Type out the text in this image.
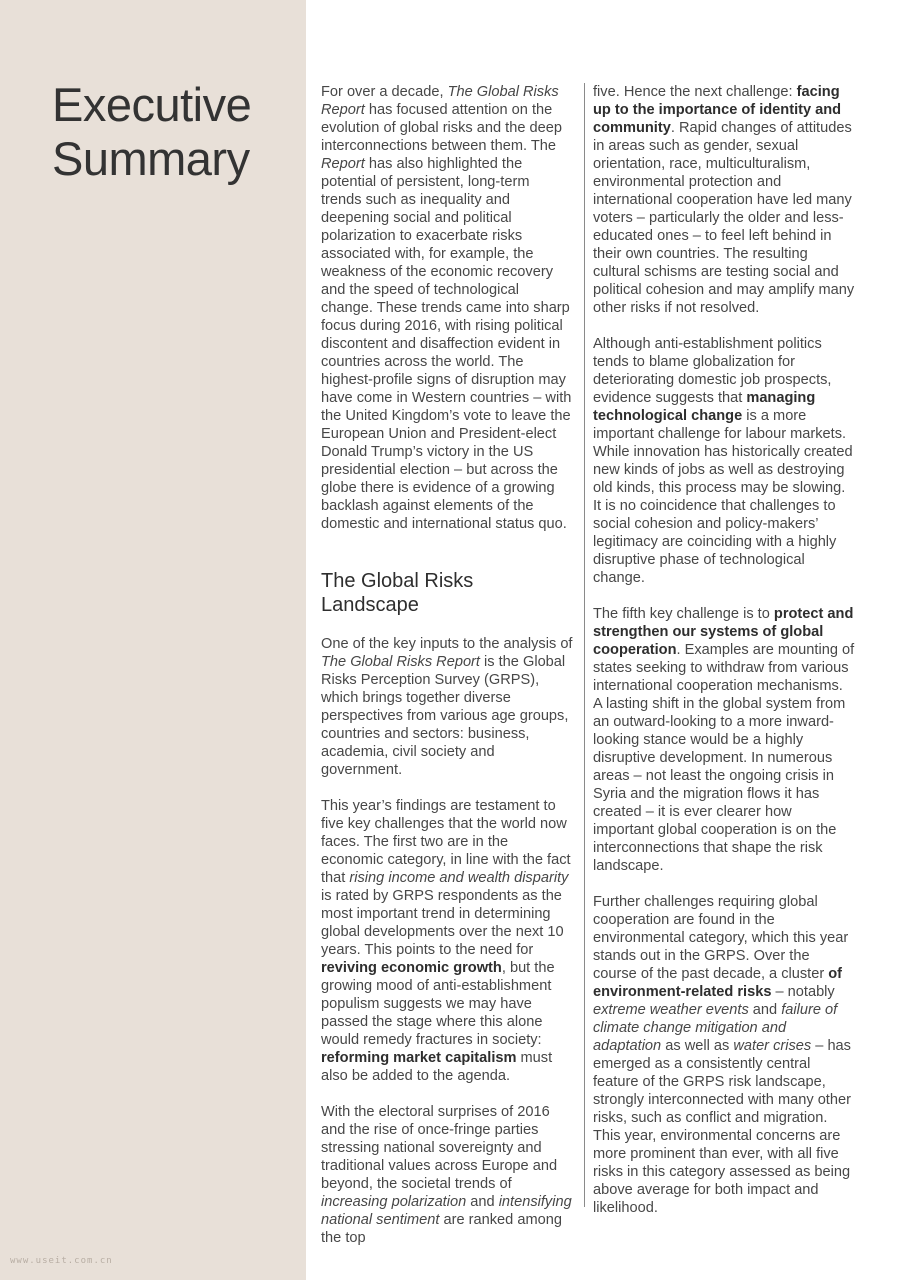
Executive
Summary
www.useit.com.cn

For over a decade, The Global Risks Report has focused attention on the evolution of global risks and the deep interconnections between them. The Report has also highlighted the potential of persistent, long-term trends such as inequality and deepening social and political polarization to exacerbate risks associated with, for example, the weakness of the economic recovery and the speed of technological change. These trends came into sharp focus during 2016, with rising political discontent and disaffection evident in countries across the world. The highest-profile signs of disruption may have come in Western countries – with the United Kingdom’s vote to leave the European Union and President-elect Donald Trump’s victory in the US presidential election – but across the globe there is evidence of a growing backlash against elements of the domestic and international status quo.

The Global Risks Landscape

One of the key inputs to the analysis of The Global Risks Report is the Global Risks Perception Survey (GRPS), which brings together diverse perspectives from various age groups, countries and sectors: business, academia, civil society and government.

This year’s findings are testament to five key challenges that the world now faces. The first two are in the economic category, in line with the fact that rising income and wealth disparity is rated by GRPS respondents as the most important trend in determining global developments over the next 10 years. This points to the need for reviving economic growth, but the growing mood of anti-establishment populism suggests we may have passed the stage where this alone would remedy fractures in society: reforming market capitalism must also be added to the agenda.

With the electoral surprises of 2016 and the rise of once-fringe parties stressing national sovereignty and traditional values across Europe and beyond, the societal trends of increasing polarization and intensifying national sentiment are ranked among the top

five. Hence the next challenge: facing up to the importance of identity and community. Rapid changes of attitudes in areas such as gender, sexual orientation, race, multiculturalism, environmental protection and international cooperation have led many voters – particularly the older and less-educated ones – to feel left behind in their own countries. The resulting cultural schisms are testing social and political cohesion and may amplify many other risks if not resolved.

Although anti-establishment politics tends to blame globalization for deteriorating domestic job prospects, evidence suggests that managing technological change is a more important challenge for labour markets. While innovation has historically created new kinds of jobs as well as destroying old kinds, this process may be slowing. It is no coincidence that challenges to social cohesion and policy-makers’ legitimacy are coinciding with a highly disruptive phase of technological change.

The fifth key challenge is to protect and strengthen our systems of global cooperation. Examples are mounting of states seeking to withdraw from various international cooperation mechanisms. A lasting shift in the global system from an outward-looking to a more inward-looking stance would be a highly disruptive development. In numerous areas – not least the ongoing crisis in Syria and the migration flows it has created – it is ever clearer how important global cooperation is on the interconnections that shape the risk landscape.

Further challenges requiring global cooperation are found in the environmental category, which this year stands out in the GRPS. Over the course of the past decade, a cluster of environment-related risks – notably extreme weather events and failure of climate change mitigation and adaptation as well as water crises – has emerged as a consistently central feature of the GRPS risk landscape, strongly interconnected with many other risks, such as conflict and migration. This year, environmental concerns are more prominent than ever, with all five risks in this category assessed as being above average for both impact and likelihood.
